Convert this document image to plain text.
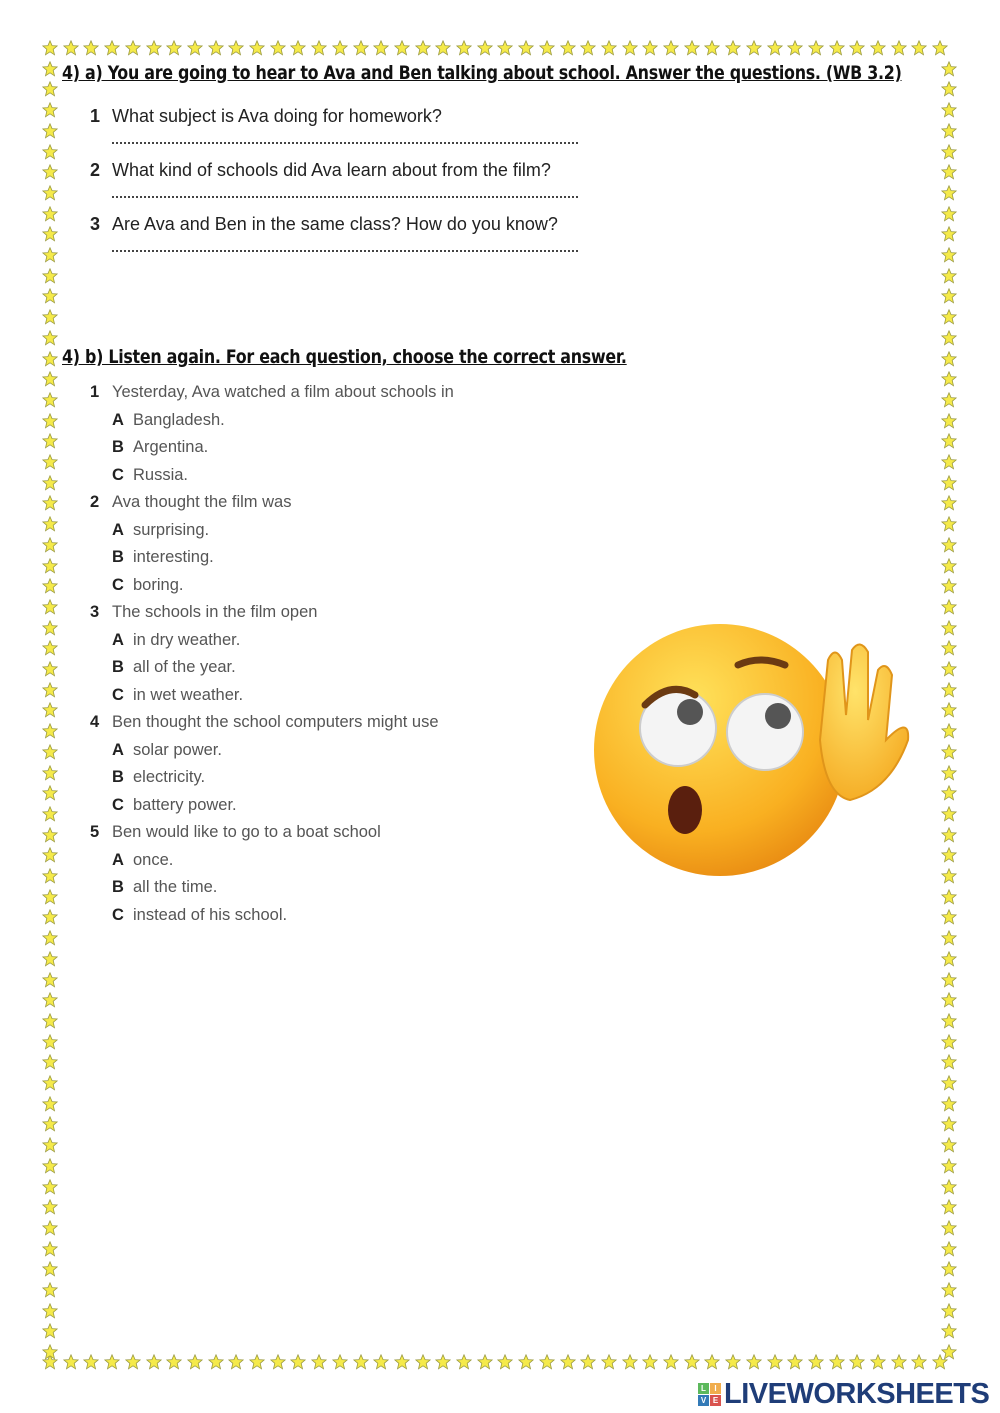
4) a) You are going to hear to Ava and Ben talking about school. Answer the questions. (WB 3.2)
1 What subject is Ava doing for homework?
2 What kind of schools did Ava learn about from the film?
3 Are Ava and Ben in the same class? How do you know?
4) b) Listen again. For each question, choose the correct answer.
1 Yesterday, Ava watched a film about schools in
A Bangladesh.
B Argentina.
C Russia.
2 Ava thought the film was
A surprising.
B interesting.
C boring.
3 The schools in the film open
A in dry weather.
B all of the year.
C in wet weather.
4 Ben thought the school computers might use
A solar power.
B electricity.
C battery power.
5 Ben would like to go to a boat school
A once.
B all the time.
C instead of his school.
L	I
V E LIVEWORKSHEETS
